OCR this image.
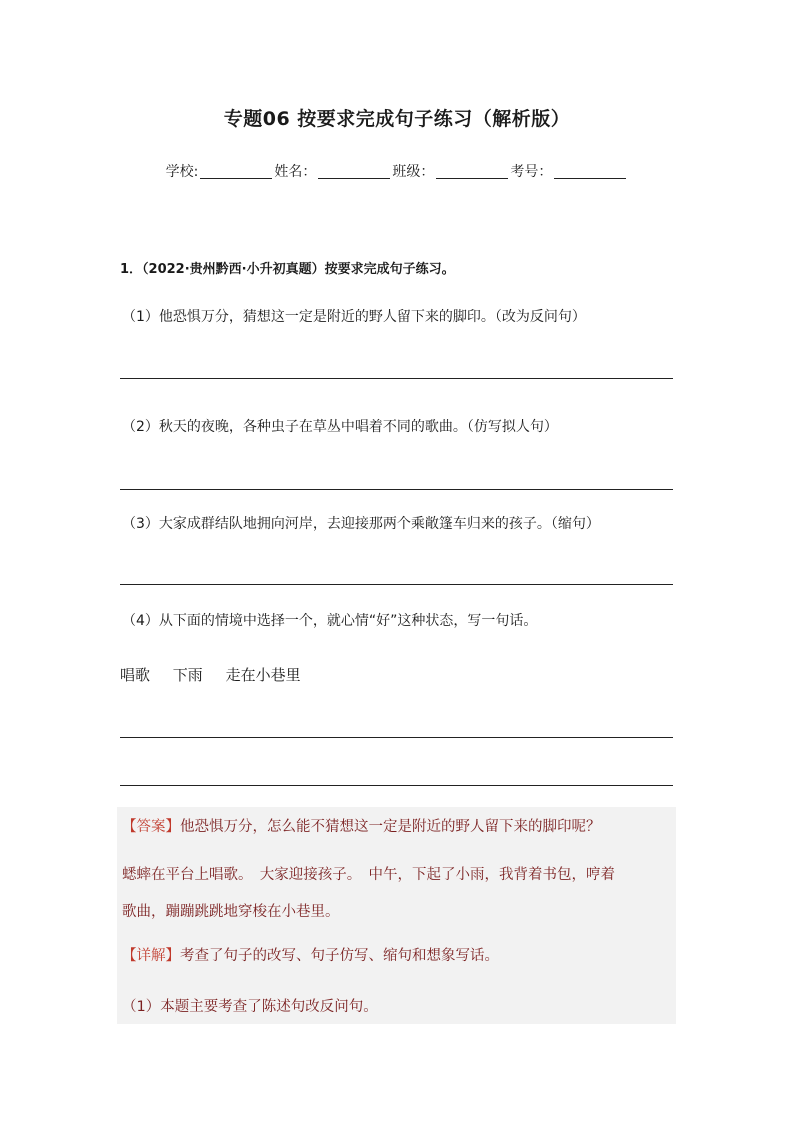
专题06 按要求完成句子练习（解析版）
学校:	姓名：	班级：	考号：
1．（2022·贵州黔西·小升初真题）按要求完成句子练习。
（1）他恐惧万分，猜想这一定是附近的野人留下来的脚印。（改为反问句）
（2）秋天的夜晚，各种虫子在草丛中唱着不同的歌曲。（仿写拟人句）
（3）大家成群结队地拥向河岸，去迎接那两个乘敞篷车归来的孩子。（缩句）
（4）从下面的情境中选择一个，就心情“好”这种状态，写一句话。
唱歌 下雨 走在小巷里
【答案】他恐惧万分，怎么能不猜想这一定是附近的野人留下来的脚印呢？
蟋蟀在平台上唱歌。　大家迎接孩子。　中午，下起了小雨，我背着书包，哼着
歌曲，蹦蹦跳跳地穿梭在小巷里。
【详解】考查了句子的改写、句子仿写、缩句和想象写话。
（1）本题主要考查了陈述句改反问句。
